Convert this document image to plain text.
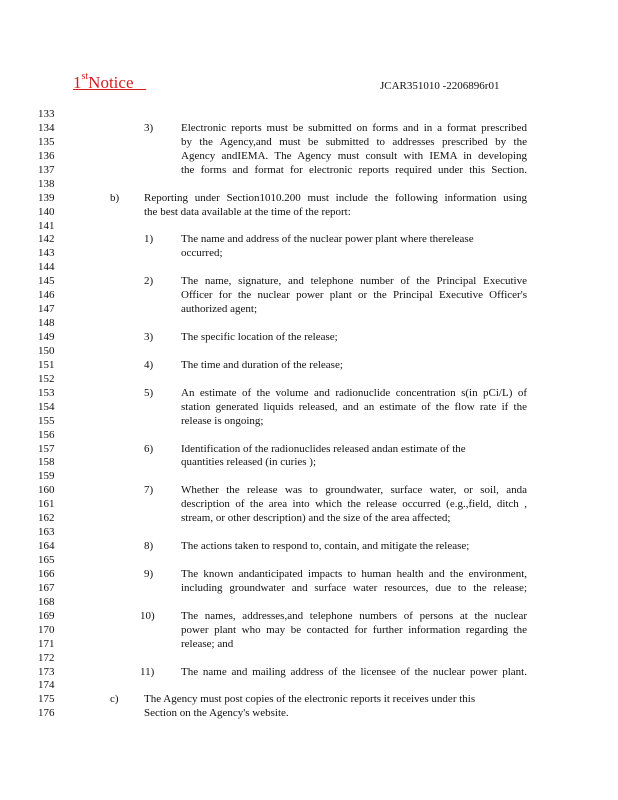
1stNotice	JCAR351010 -2206896r01
133
134	3)	Electronic reports must be submitted on forms and in a format prescribed
135	by the Agency,and must be submitted to addresses prescribed by the
136	Agency andIEMA. The Agency must consult with IEMA in developing
137	the forms and format for electronic reports required under this Section.
138
139	b) Reporting under Section1010.200 must include the following information using
140	the best data available at the time of the report:
141
142	1)	The name and address of the nuclear power plant where therelease
143	occurred;
144
145	2)	The name, signature, and telephone number of the Principal Executive
146	Officer for the nuclear power plant or the Principal Executive Officer's
147	authorized agent;
148
149	3)	The specific location of the release;
150
151	4)	The time and duration of the release;
152
153	5)	An estimate of the volume and radionuclide concentration s(in pCi/L) of
154	station generated liquids released, and an estimate of the flow rate if the
155	release is ongoing;
156
157	6)	Identification of the radionuclides released andan estimate of the
158	quantities released (in curies );
159
160	7)	Whether the release was to groundwater, surface water, or soil, anda
161	description of the area into which the release occurred (e.g.,field, ditch ,
162	stream, or other description) and the size of the area affected;
163
164	8)	The actions taken to respond to, contain, and mitigate the release;
165
166	9)	The known andanticipated impacts to human health and the environment,
167	including groundwater and surface water resources, due to the release;
168
169	10) The names, addresses,and telephone numbers of persons at the nuclear
170	power plant who may be contacted for further information regarding the
171	release; and
172
173	11) The name and mailing address of the licensee of the nuclear power plant.
174
175	c) The Agency must post copies of the electronic reports it receives under this
176	Section on the Agency's website.
